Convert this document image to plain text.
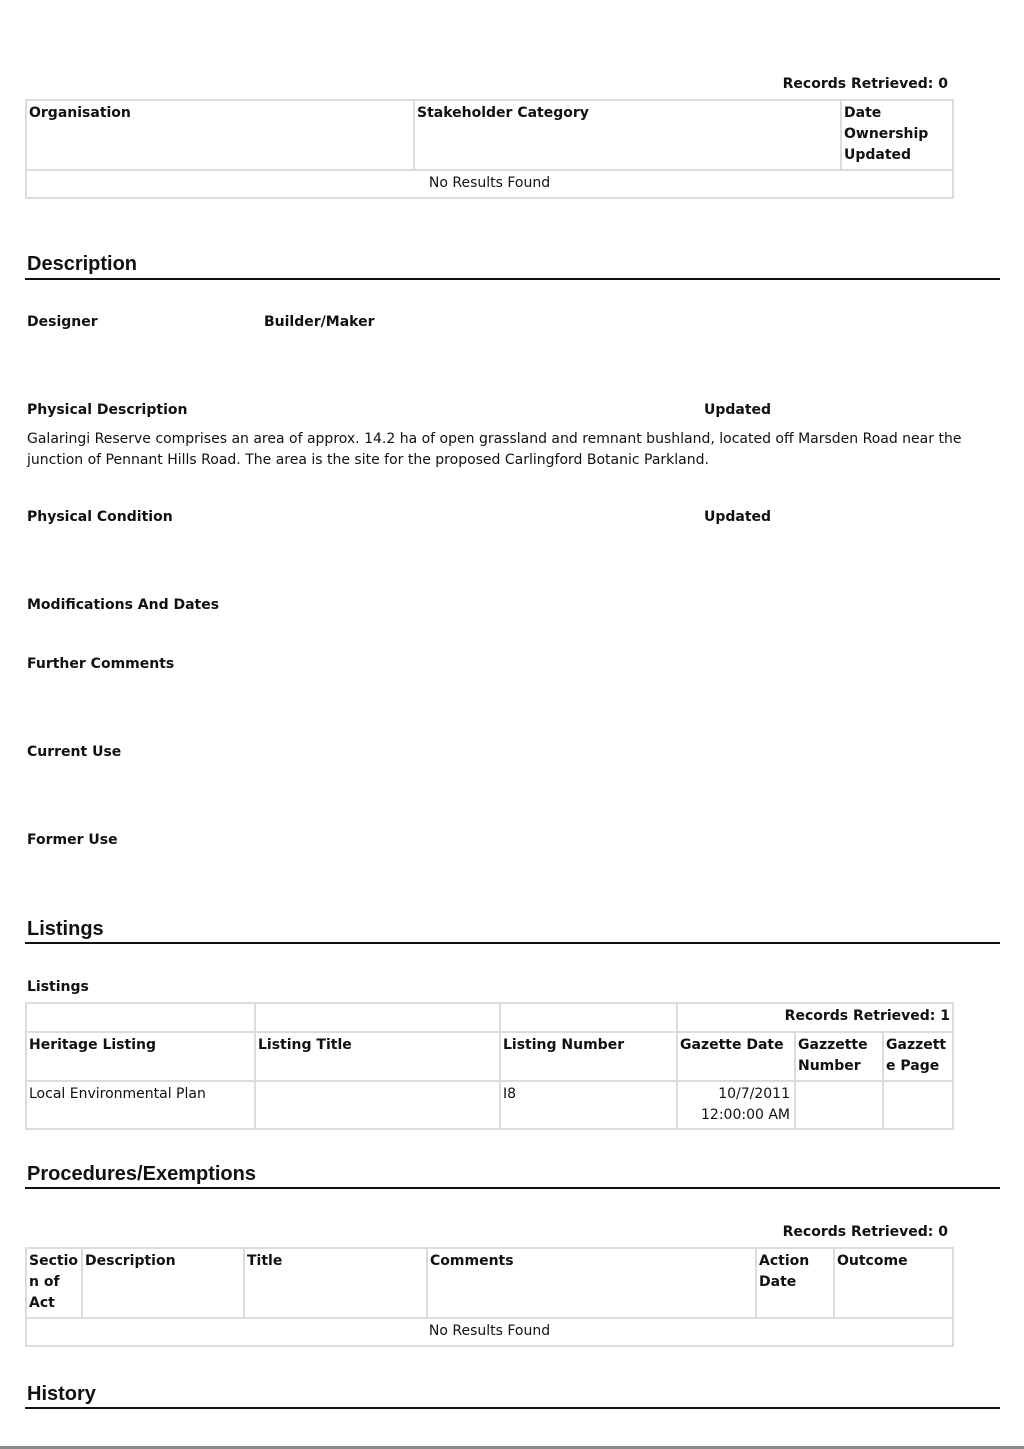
Records Retrieved: 0
Organisation	Stakeholder Category	Date Ownership Updated
No Results Found
Description
Designer	Builder/Maker
Physical Description	Updated
Galaringi Reserve comprises an area of approx. 14.2 ha of open grassland and remnant bushland, located off Marsden Road near the junction of Pennant Hills Road. The area is the site for the proposed Carlingford Botanic Parkland.
Physical Condition	Updated
Modifications And Dates
Further Comments
Current Use
Former Use
Listings
Listings
			Records Retrieved: 1		
Heritage Listing	Listing Title	Listing Number	Gazette Date	Gazzette Number	Gazzette Page
Local Environmental Plan		I8	10/7/2011 12:00:00 AM		
Procedures/Exemptions
Records Retrieved: 0
Section of Act	Description	Title	Comments	Action Date	Outcome
No Results Found
History
